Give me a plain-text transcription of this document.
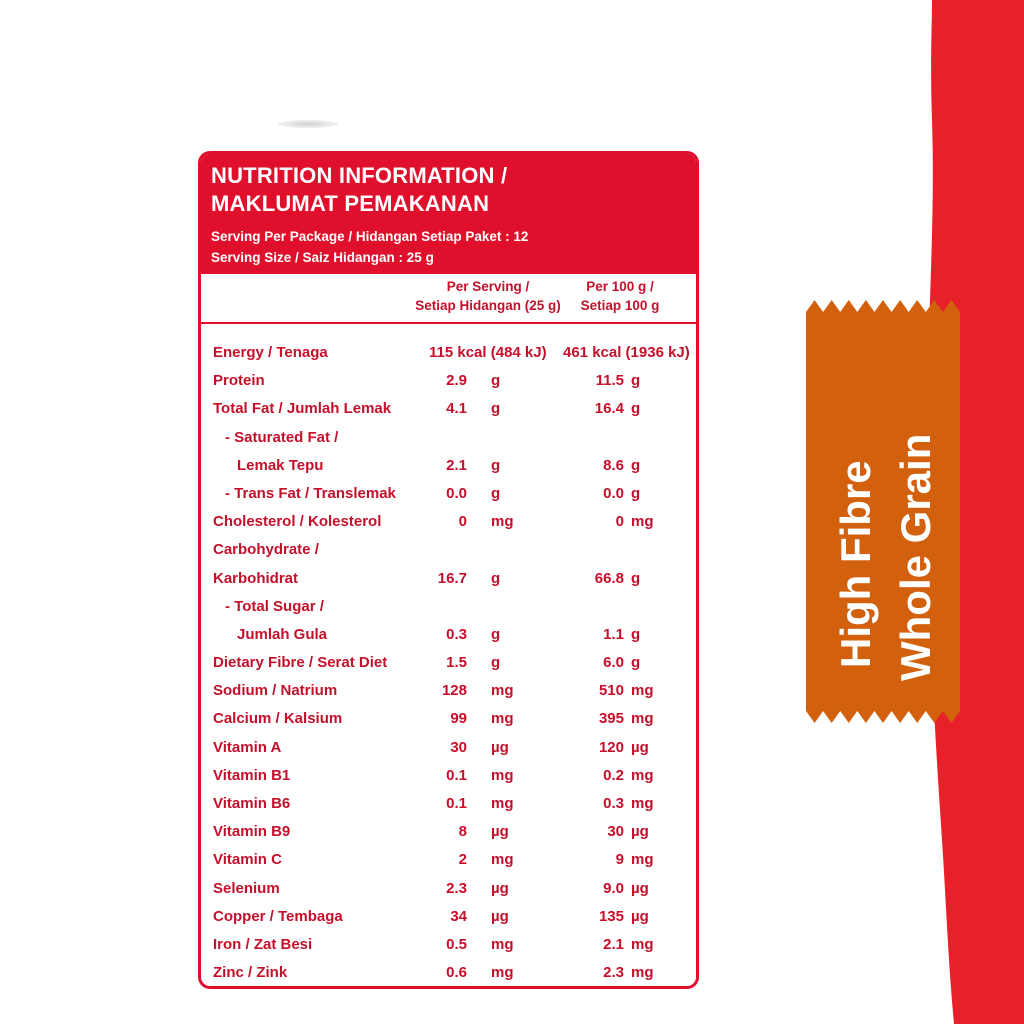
NUTRITION INFORMATION /
MAKLUMAT PEMAKANAN
Serving Per Package / Hidangan Setiap Paket : 12
Serving Size / Saiz Hidangan : 25 g
Per Serving /
Setiap Hidangan (25 g)
Per 100 g /
Setiap 100 g
Energy / Tenaga	115 kcal (484 kJ) 461 kcal (1936 kJ)
Protein	2.9 g	11.5 g
Total Fat / Jumlah Lemak	4.1 g	16.4 g
- Saturated Fat /
Lemak Tepu	2.1 g	8.6 g
- Trans Fat / Translemak	0.0 g	0.0 g
Cholesterol / Kolesterol	0 mg	0 mg
Carbohydrate /
Karbohidrat	16.7 g	66.8 g
- Total Sugar /
Jumlah Gula	0.3 g	1.1 g
Dietary Fibre / Serat Diet	1.5 g	6.0 g
Sodium / Natrium	128 mg	510 mg
Calcium / Kalsium	99 mg	395 mg
Vitamin A	30 µg	120 µg
Vitamin B1	0.1 mg	0.2 mg
Vitamin B6	0.1 mg	0.3 mg
Vitamin B9	8 µg	30 µg
Vitamin C	2 mg	9 mg
Selenium	2.3 µg	9.0 µg
Copper / Tembaga	34 µg	135 µg
Iron / Zat Besi	0.5 mg	2.1 mg
Zinc / Zink	0.6 mg	2.3 mg
High Fibre Whole Grain
